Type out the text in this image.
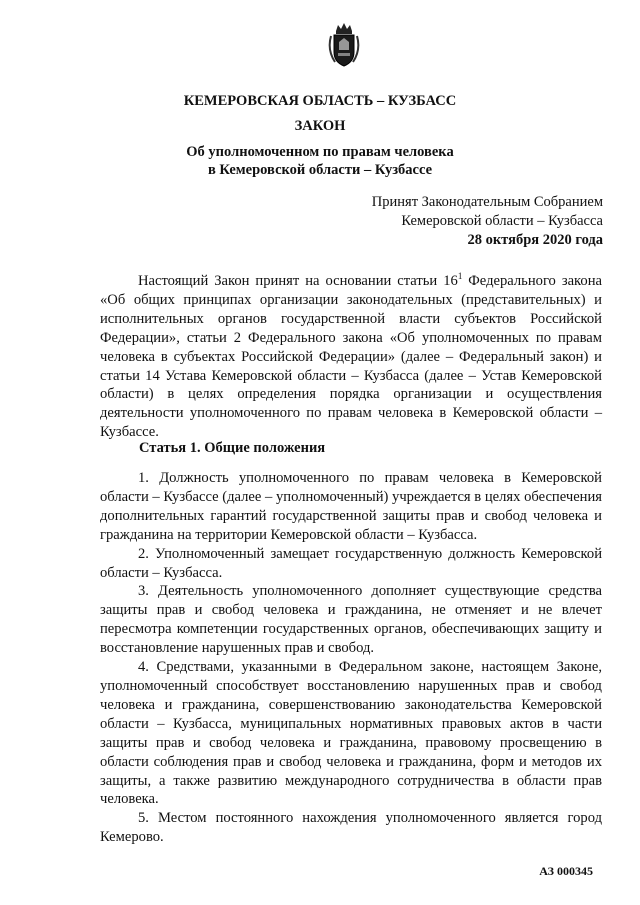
КЕМЕРОВСКАЯ ОБЛАСТЬ – КУЗБАСС
ЗАКОН
Об уполномоченном по правам человека
в Кемеровской области – Кузбассе
Принят Законодательным Собранием
Кемеровской области – Кузбасса
28 октября 2020 года

Настоящий Закон принят на основании статьи $16^1$ Федерального закона «Об общих принципах организации законодательных (представительных) и исполнительных органов государственной власти субъектов Российской Федерации», статьи 2 Федерального закона «Об уполномоченных по правам человека в субъектах Российской Федерации» (далее – Федеральный закон) и статьи 14 Устава Кемеровской области – Кузбасса (далее – Устав Кемеровской области) в целях определения порядка организации и осуществления деятельности уполномоченного по правам человека в Кемеровской области – Кузбассе.

Статья 1. Общие положения

1. Должность уполномоченного по правам человека в Кемеровской области – Кузбассе (далее – уполномоченный) учреждается в целях обеспечения дополнительных гарантий государственной защиты прав и свобод человека и гражданина на территории Кемеровской области – Кузбасса.

2. Уполномоченный замещает государственную должность Кемеровской области – Кузбасса.

3. Деятельность уполномоченного дополняет существующие средства защиты прав и свобод человека и гражданина, не отменяет и не влечет пересмотра компетенции государственных органов, обеспечивающих защиту и восстановление нарушенных прав и свобод.

4. Средствами, указанными в Федеральном законе, настоящем Законе, уполномоченный способствует восстановлению нарушенных прав и свобод человека и гражданина, совершенствованию законодательства Кемеровской области – Кузбасса, муниципальных нормативных правовых актов в части защиты прав и свобод человека и гражданина, правовому просвещению в области соблюдения прав и свобод человека и гражданина, форм и методов их защиты, а также развитию международного сотрудничества в области прав человека.

5. Местом постоянного нахождения уполномоченного является город Кемерово.

АЗ 000345
